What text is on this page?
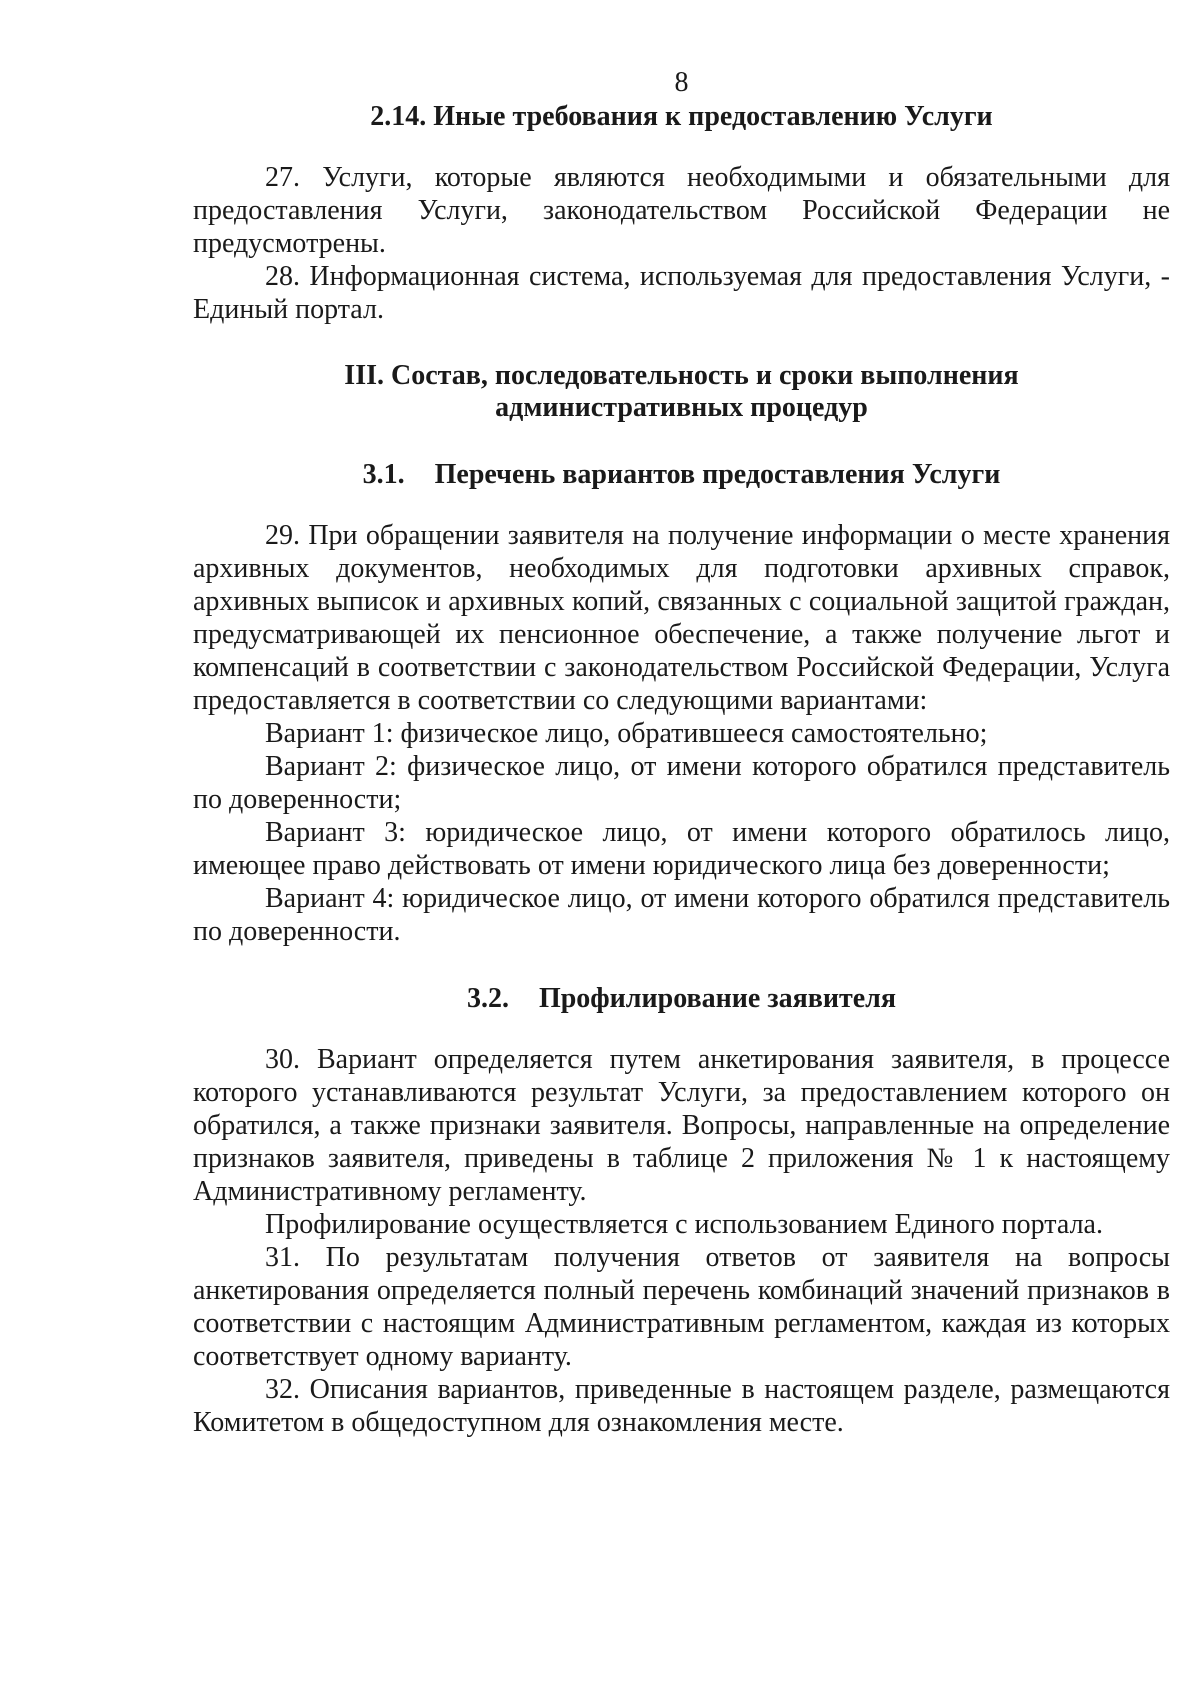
8
2.14. Иные требования к предоставлению Услуги

27. Услуги, которые являются необходимыми и обязательными для предоставления Услуги, законодательством Российской Федерации не предусмотрены.

28. Информационная система, используемая для предоставления Услуги, - Единый портал.

III. Состав, последовательность и сроки выполнения
административных процедур
3.1. Перечень вариантов предоставления Услуги

29. При обращении заявителя на получение информации о месте хранения архивных документов, необходимых для подготовки архивных справок, архивных выписок и архивных копий, связанных с социальной защитой граждан, предусматривающей их пенсионное обеспечение, а также получение льгот и компенсаций в соответствии с законодательством Российской Федерации, Услуга предоставляется в соответствии со следующими вариантами:

Вариант 1: физическое лицо, обратившееся самостоятельно;

Вариант 2: физическое лицо, от имени которого обратился представитель по доверенности;

Вариант 3: юридическое лицо, от имени которого обратилось лицо, имеющее право действовать от имени юридического лица без доверенности;

Вариант 4: юридическое лицо, от имени которого обратился представитель по доверенности.

3.2. Профилирование заявителя

30. Вариант определяется путем анкетирования заявителя, в процессе которого устанавливаются результат Услуги, за предоставлением которого он обратился, а также признаки заявителя. Вопросы, направленные на определение признаков заявителя, приведены в таблице 2 приложения № 1 к настоящему Административному регламенту.

Профилирование осуществляется с использованием Единого портала.

31. По результатам получения ответов от заявителя на вопросы анкетирования определяется полный перечень комбинаций значений признаков в соответствии с настоящим Административным регламентом, каждая из которых соответствует одному варианту.

32. Описания вариантов, приведенные в настоящем разделе, размещаются Комитетом в общедоступном для ознакомления месте.
